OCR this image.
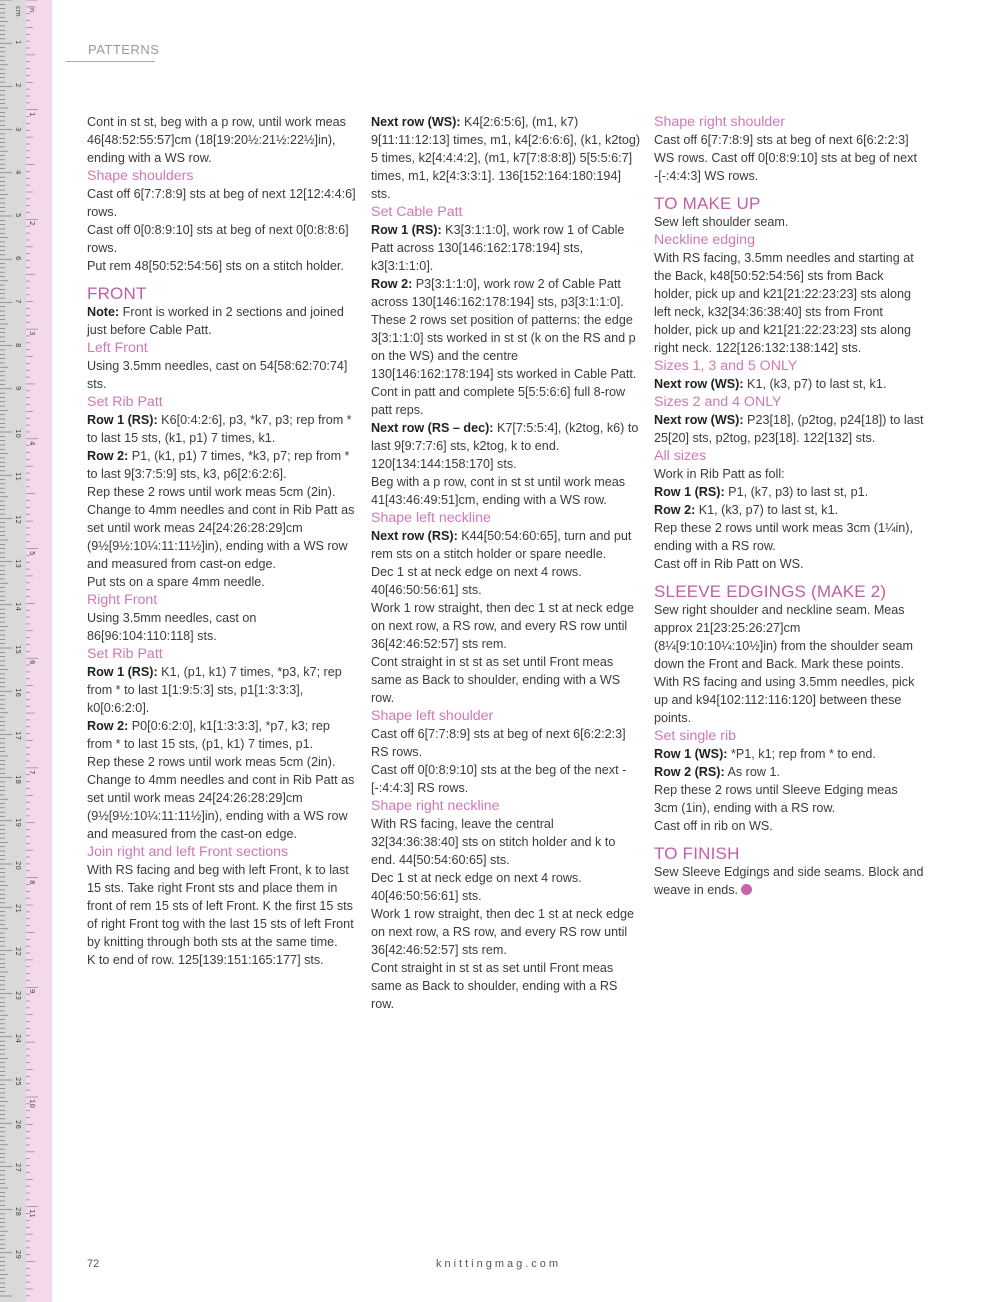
cm
1
2
3
4
5
6
7
8
9
10
11
12
13
14
15
16
17
18
19
20
21
22
23
24
25
26
27
28
29
in
1
2
3
4
5
6
7
8
9
10
11
PATTERNS

Cont in st st, beg with a p row, until work meas 46[48:52:55:57]cm (18[19:20½:21½:22½]in), ending with a WS row.

Shape shoulders

Cast off 6[7:7:8:9] sts at beg of next 12[12:4:4:6] rows.

Cast off 0[0:8:9:10] sts at beg of next 0[0:8:8:6] rows.

Put rem 48[50:52:54:56] sts on a stitch holder.

FRONT

Note: Front is worked in 2 sections and joined just before Cable Patt.

Left Front

Using 3.5mm needles, cast on 54[58:62:70:74] sts.

Set Rib Patt

Row 1 (RS): K6[0:4:2:6], p3, *k7, p3; rep from * to last 15 sts, (k1, p1) 7 times, k1.

Row 2: P1, (k1, p1) 7 times, *k3, p7; rep from * to last 9[3:7:5:9] sts, k3, p6[2:6:2:6].

Rep these 2 rows until work meas 5cm (2in).

Change to 4mm needles and cont in Rib Patt as set until work meas 24[24:26:28:29]cm (9½[9½:10¼:11:11½]in), ending with a WS row and measured from cast-on edge.

Put sts on a spare 4mm needle.

Right Front

Using 3.5mm needles, cast on 86[96:104:110:118] sts.

Set Rib Patt

Row 1 (RS): K1, (p1, k1) 7 times, *p3, k7; rep from * to last 1[1:9:5:3] sts, p1[1:3:3:3], k0[0:6:2:0].

Row 2: P0[0:6:2:0], k1[1:3:3:3], *p7, k3; rep from * to last 15 sts, (p1, k1) 7 times, p1.

Rep these 2 rows until work meas 5cm (2in).

Change to 4mm needles and cont in Rib Patt as set until work meas 24[24:26:28:29]cm (9½[9½:10¼:11:11½]in), ending with a WS row and measured from the cast-on edge.

Join right and left Front sections

With RS facing and beg with left Front, k to last 15 sts. Take right Front sts and place them in front of rem 15 sts of left Front. K the first 15 sts of right Front tog with the last 15 sts of left Front by knitting through both sts at the same time.

K to end of row. 125[139:151:165:177] sts.

Next row (WS): K4[2:6:5:6], (m1, k7) 9[11:11:12:13] times, m1, k4[2:6:6:6], (k1, k2tog) 5 times, k2[4:4:4:2], (m1, k7[7:8:8:8]) 5[5:5:6:7] times, m1, k2[4:3:3:1]. 136[152:164:180:194] sts.

Set Cable Patt

Row 1 (RS): K3[3:1:1:0], work row 1 of Cable Patt across 130[146:162:178:194] sts, k3[3:1:1:0].

Row 2: P3[3:1:1:0], work row 2 of Cable Patt across 130[146:162:178:194] sts, p3[3:1:1:0].

These 2 rows set position of patterns: the edge 3[3:1:1:0] sts worked in st st (k on the RS and p on the WS) and the centre 130[146:162:178:194] sts worked in Cable Patt. Cont in patt and complete 5[5:5:6:6] full 8-row patt reps.

Next row (RS – dec): K7[7:5:5:4], (k2tog, k6) to last 9[9:7:7:6] sts, k2tog, k to end. 120[134:144:158:170] sts.

Beg with a p row, cont in st st until work meas 41[43:46:49:51]cm, ending with a WS row.

Shape left neckline

Next row (RS): K44[50:54:60:65], turn and put rem sts on a stitch holder or spare needle.

Dec 1 st at neck edge on next 4 rows. 40[46:50:56:61] sts.

Work 1 row straight, then dec 1 st at neck edge on next row, a RS row, and every RS row until 36[42:46:52:57] sts rem.

Cont straight in st st as set until Front meas same as Back to shoulder, ending with a WS row.

Shape left shoulder

Cast off 6[7:7:8:9] sts at beg of next 6[6:2:2:3] RS rows.

Cast off 0[0:8:9:10] sts at the beg of the next -[-:4:4:3] RS rows.

Shape right neckline

With RS facing, leave the central 32[34:36:38:40] sts on stitch holder and k to end. 44[50:54:60:65] sts.

Dec 1 st at neck edge on next 4 rows. 40[46:50:56:61] sts.

Work 1 row straight, then dec 1 st at neck edge on next row, a RS row, and every RS row until 36[42:46:52:57] sts rem.

Cont straight in st st as set until Front meas same as Back to shoulder, ending with a RS row.

Shape right shoulder

Cast off 6[7:7:8:9] sts at beg of next 6[6:2:2:3] WS rows. Cast off 0[0:8:9:10] sts at beg of next -[-:4:4:3] WS rows.

TO MAKE UP

Sew left shoulder seam.

Neckline edging

With RS facing, 3.5mm needles and starting at the Back, k48[50:52:54:56] sts from Back holder, pick up and k21[21:22:23:23] sts along left neck, k32[34:36:38:40] sts from Front holder, pick up and k21[21:22:23:23] sts along right neck. 122[126:132:138:142] sts.

Sizes 1, 3 and 5 ONLY

Next row (WS): K1, (k3, p7) to last st, k1.

Sizes 2 and 4 ONLY

Next row (WS): P23[18], (p2tog, p24[18]) to last 25[20] sts, p2tog, p23[18]. 122[132] sts.

All sizes

Work in Rib Patt as foll:

Row 1 (RS): P1, (k7, p3) to last st, p1.

Row 2: K1, (k3, p7) to last st, k1.

Rep these 2 rows until work meas 3cm (1¼in), ending with a RS row.

Cast off in Rib Patt on WS.

SLEEVE EDGINGS (MAKE 2)

Sew right shoulder and neckline seam. Meas approx 21[23:25:26:27]cm (8¼[9:10:10¼:10½]in) from the shoulder seam down the Front and Back. Mark these points. With RS facing and using 3.5mm needles, pick up and k94[102:112:116:120] between these points.

Set single rib

Row 1 (WS): *P1, k1; rep from * to end.

Row 2 (RS): As row 1.

Rep these 2 rows until Sleeve Edging meas 3cm (1in), ending with a RS row.

Cast off in rib on WS.

TO FINISH

Sew Sleeve Edgings and side seams. Block and weave in ends.

72	knittingmag.com
